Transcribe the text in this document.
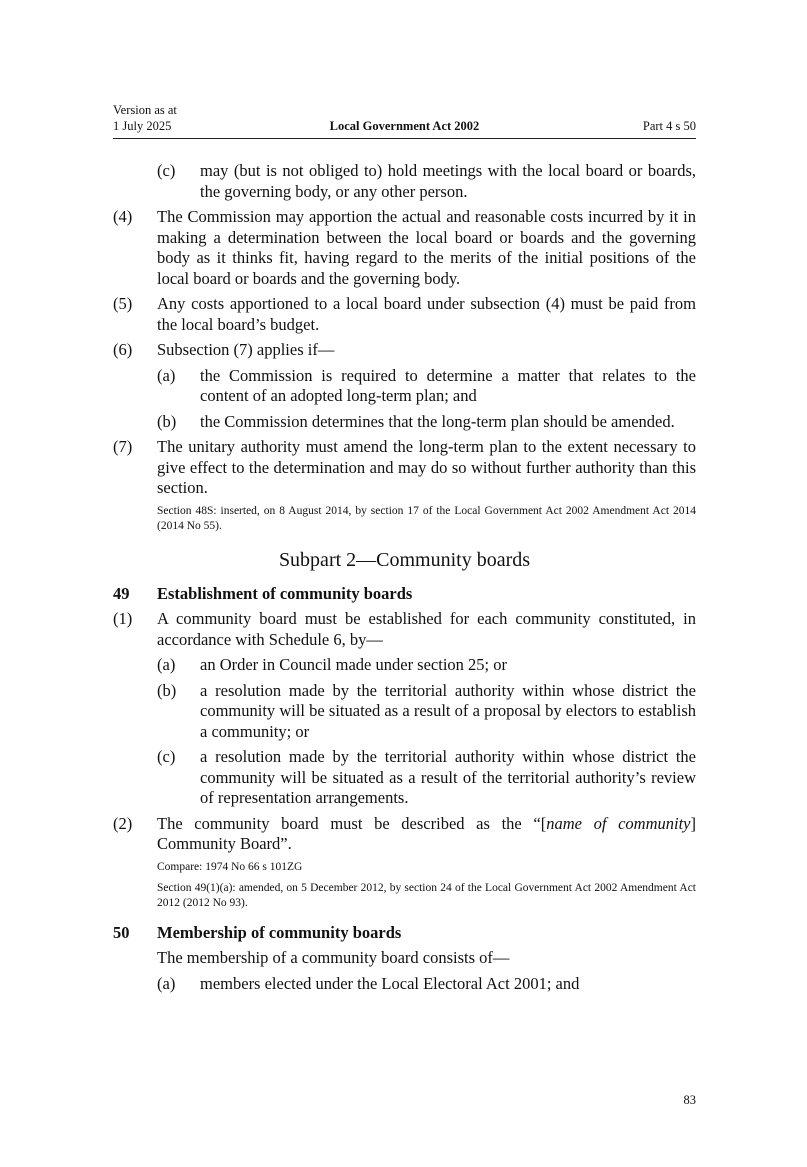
Version as at
1 July 2025	Local Government Act 2002	Part 4 s 50
(c)	may (but is not obliged to) hold meetings with the local board or boards, the governing body, or any other person.
(4)	The Commission may apportion the actual and reasonable costs incurred by it in making a determination between the local board or boards and the governing body as it thinks fit, having regard to the merits of the initial positions of the local board or boards and the governing body.
(5)	Any costs apportioned to a local board under subsection (4) must be paid from the local board’s budget.
(6)	Subsection (7) applies if—
(a)	the Commission is required to determine a matter that relates to the content of an adopted long-term plan; and
(b)	the Commission determines that the long-term plan should be amended.
(7)	The unitary authority must amend the long-term plan to the extent necessary to give effect to the determination and may do so without further authority than this section.
Section 48S: inserted, on 8 August 2014, by section 17 of the Local Government Act 2002 Amendment Act 2014 (2014 No 55).
Subpart 2—Community boards
49	Establishment of community boards
(1)	A community board must be established for each community constituted, in accordance with Schedule 6, by—
(a)	an Order in Council made under section 25; or
(b)	a resolution made by the territorial authority within whose district the community will be situated as a result of a proposal by electors to establish a community; or
(c)	a resolution made by the territorial authority within whose district the community will be situated as a result of the territorial authority’s review of representation arrangements.
(2)	The community board must be described as the “[name of community] Community Board”.
Compare: 1974 No 66 s 101ZG
Section 49(1)(a): amended, on 5 December 2012, by section 24 of the Local Government Act 2002 Amendment Act 2012 (2012 No 93).
50	Membership of community boards
The membership of a community board consists of—
(a)	members elected under the Local Electoral Act 2001; and
83
